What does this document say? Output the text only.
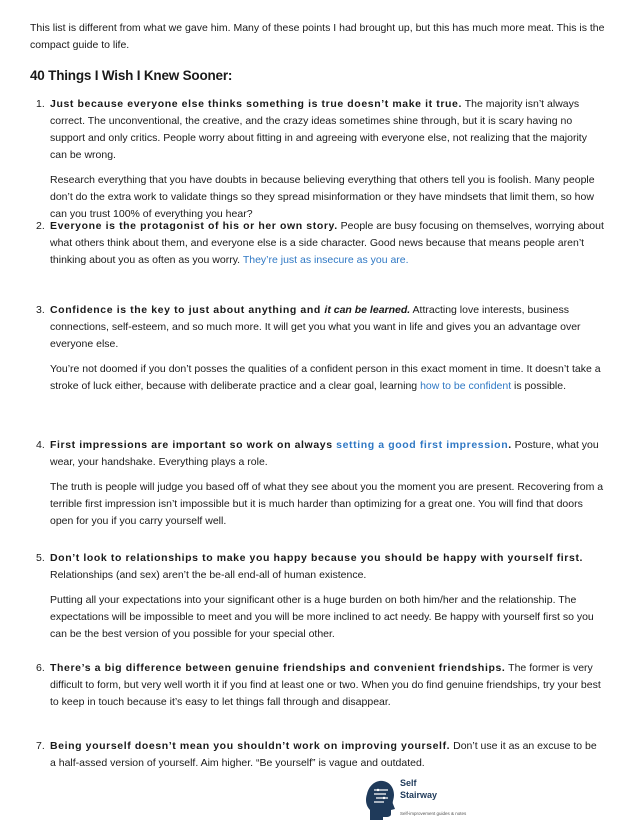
This list is different from what we gave him. Many of these points I had brought up, but this has much more meat. This is the compact guide to life.

40 Things I Wish I Knew Sooner:
1. Just because everyone else thinks something is true doesn’t make it true. The majority isn’t always correct. The unconventional, the creative, and the crazy ideas sometimes shine through, but it is scary having no support and only critics. People worry about fitting in and agreeing with everyone else, not realizing that the majority can be wrong.

Research everything that you have doubts in because believing everything that others tell you is foolish. Many people don’t do the extra work to validate things so they spread misinformation or they have mindsets that limit them, so how can you trust 100% of everything you hear?

2. Everyone is the protagonist of his or her own story. People are busy focusing on themselves, worrying about what others think about them, and everyone else is a side character. Good news because that means people aren’t thinking about you as often as you worry. They’re just as insecure as you are.

3. Confidence is the key to just about anything and it can be learned. Attracting love interests, business connections, self-esteem, and so much more. It will get you what you want in life and gives you an advantage over everyone else.

You’re not doomed if you don’t posses the qualities of a confident person in this exact moment in time. It doesn’t take a stroke of luck either, because with deliberate practice and a clear goal, learning how to be confident is possible.

4. First impressions are important so work on always setting a good first impression. Posture, what you wear, your handshake. Everything plays a role.

The truth is people will judge you based off of what they see about you the moment you are present. Recovering from a terrible first impression isn’t impossible but it is much harder than optimizing for a great one. You will find that doors open for you if you carry yourself well.

5. Don’t look to relationships to make you happy because you should be happy with yourself first. Relationships (and sex) aren’t the be-all end-all of human existence.

Putting all your expectations into your significant other is a huge burden on both him/her and the relationship. The expectations will be impossible to meet and you will be more inclined to act needy. Be happy with yourself first so you can be the best version of you possible for your special other.

6. There’s a big difference between genuine friendships and convenient friendships. The former is very difficult to form, but very well worth it if you find at least one or two. When you do find genuine friendships, try your best to keep in touch because it’s easy to let things fall through and disappear.

7. Being yourself doesn’t mean you shouldn’t work on improving yourself. Don’t use it as an excuse to be a half-assed version of yourself. Aim higher. “Be yourself” is vague and outdated.

Self
Stairway
Self-improvement guides & notes
